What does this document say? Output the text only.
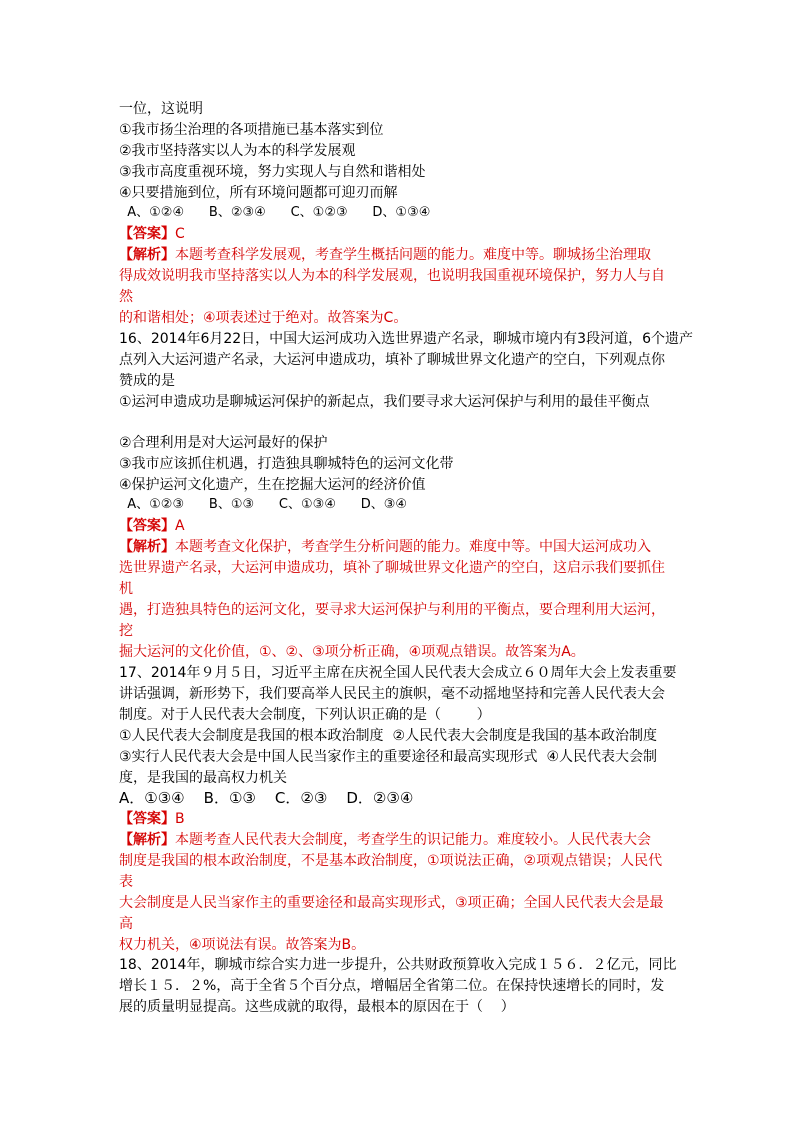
一位，这说明
①我市扬尘治理的各项措施已基本落实到位
②我市坚持落实以人为本的科学发展观
③我市高度重视环境，努力实现人与自然和谐相处
④只要措施到位，所有环境问题都可迎刃而解
A、①②④      B、②③④      C、①②③      D、①③④
【答案】C
【解析】本题考查科学发展观，考查学生概括问题的能力。难度中等。聊城扬尘治理取
得成效说明我市坚持落实以人为本的科学发展观，也说明我国重视环境保护，努力人与自
然
的和谐相处；④项表述过于绝对。故答案为C。
16、2014年6月22日，中国大运河成功入选世界遗产名录，聊城市境内有3段河道，6个遗产
点列入大运河遗产名录，大运河申遗成功，填补了聊城世界文化遗产的空白，下列观点你
赞成的是
①运河申遗成功是聊城运河保护的新起点，我们要寻求大运河保护与利用的最佳平衡点
②合理利用是对大运河最好的保护
③我市应该抓住机遇，打造独具聊城特色的运河文化带
④保护运河文化遗产，生在挖掘大运河的经济价值
A、①②③      B、①③      C、①③④      D、③④
【答案】A
【解析】本题考查文化保护，考查学生分析问题的能力。难度中等。中国大运河成功入
选世界遗产名录，大运河申遗成功，填补了聊城世界文化遗产的空白，这启示我们要抓住
机
遇，打造独具特色的运河文化，要寻求大运河保护与利用的平衡点，要合理利用大运河，
挖
掘大运河的文化价值，①、②、③项分析正确，④项观点错误。故答案为A。
17、2014年９月５日，习近平主席在庆祝全国人民代表大会成立６０周年大会上发表重要
讲话强调，新形势下，我们要高举人民民主的旗帜，毫不动摇地坚持和完善人民代表大会
制度。对于人民代表大会制度，下列认识正确的是（        ）
①人民代表大会制度是我国的根本政治制度  ②人民代表大会制度是我国的基本政治制度
③实行人民代表大会是中国人民当家作主的重要途径和最高实现形式  ④人民代表大会制
度，是我国的最高权力机关
A．①③④    B．①③    C．②③    D．②③④
【答案】B
【解析】本题考查人民代表大会制度，考查学生的识记能力。难度较小。人民代表大会
制度是我国的根本政治制度，不是基本政治制度，①项说法正确，②项观点错误；人民代
表
大会制度是人民当家作主的重要途径和最高实现形式，③项正确；全国人民代表大会是最
高
权力机关，④项说法有误。故答案为B。
18、2014年，聊城市综合实力进一步提升，公共财政预算收入完成１５６．２亿元，同比
增长１５．２%，高于全省５个百分点，增幅居全省第二位。在保持快速增长的同时，发
展的质量明显提高。这些成就的取得，最根本的原因在于（    ）
